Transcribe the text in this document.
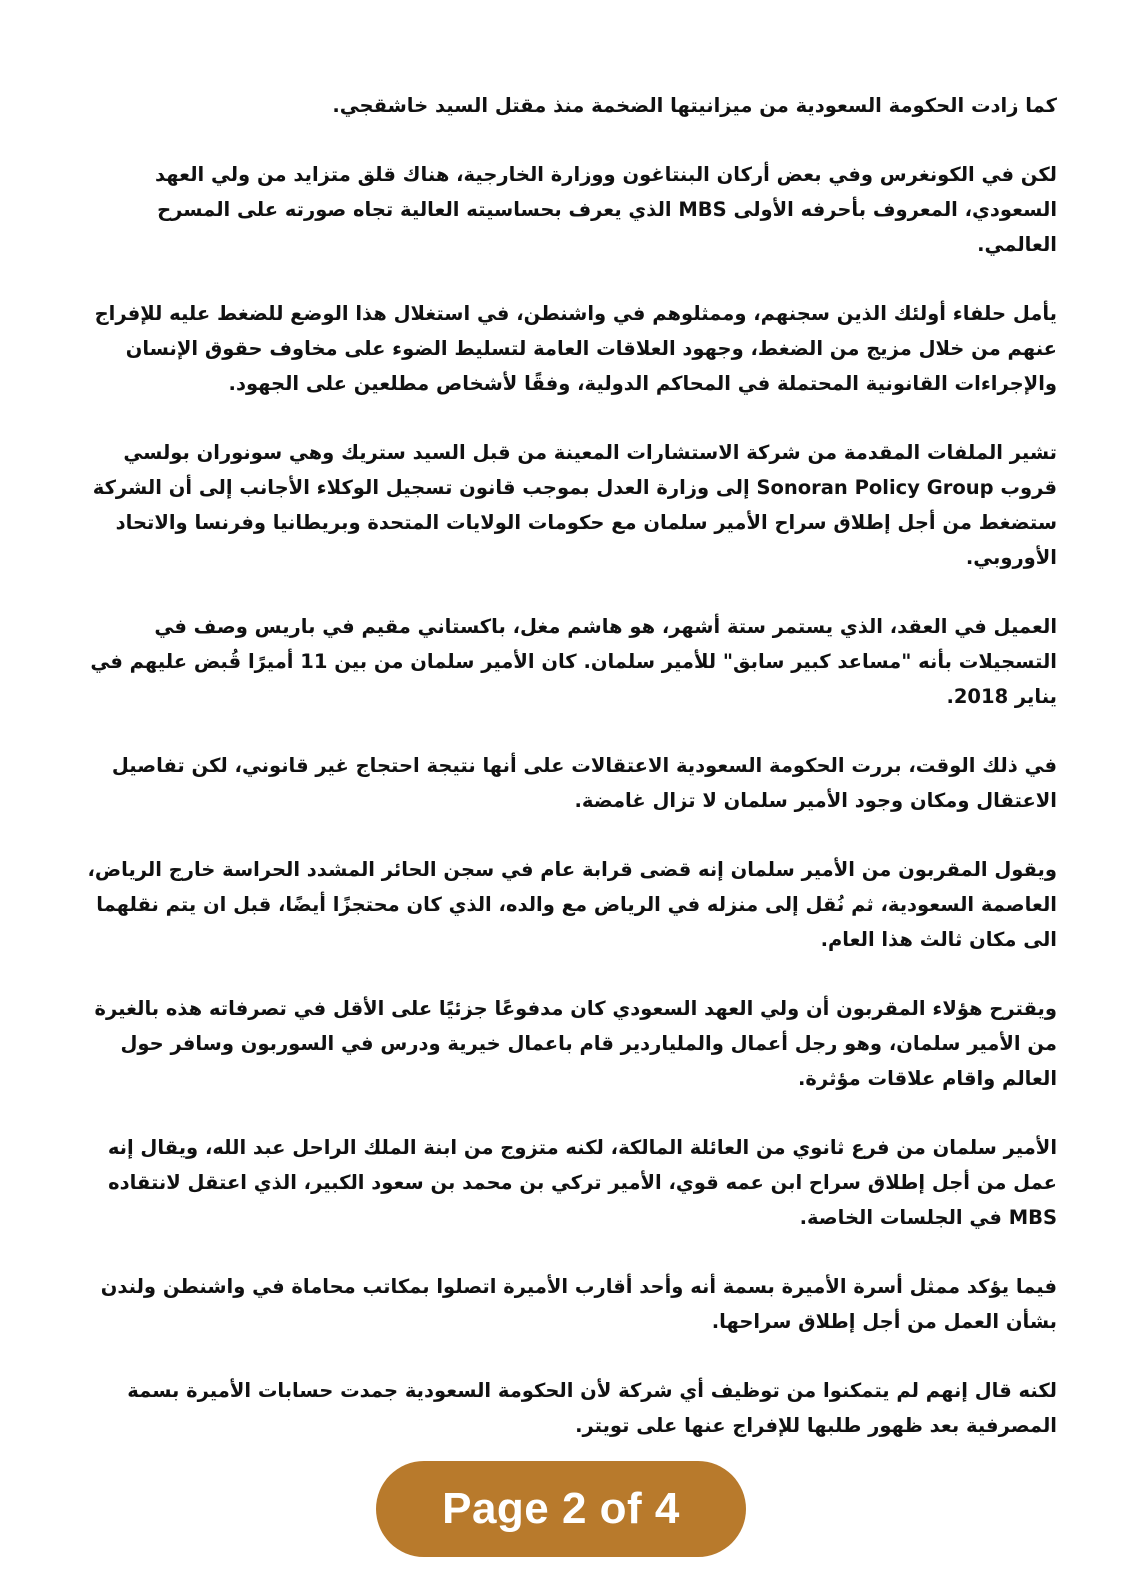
كما زادت الحكومة السعودية من ميزانيتها الضخمة منذ مقتل السيد خاشقجي.

لكن في الكونغرس وفي بعض أركان البنتاغون ووزارة الخارجية، هناك قلق متزايد من ولي العهد السعودي، المعروف بأحرفه الأولى MBS الذي يعرف بحساسيته العالية تجاه صورته على المسرح العالمي.

يأمل حلفاء أولئك الذين سجنهم، وممثلوهم في واشنطن، في استغلال هذا الوضع للضغط عليه للإفراج عنهم من خلال مزيج من الضغط، وجهود العلاقات العامة لتسليط الضوء على مخاوف حقوق الإنسان والإجراءات القانونية المحتملة في المحاكم الدولية، وفقًا لأشخاص مطلعين على الجهود.

تشير الملفات المقدمة من شركة الاستشارات المعينة من قبل السيد ستريك وهي سونوران بولسي قروب Sonoran Policy Group إلى وزارة العدل بموجب قانون تسجيل الوكلاء الأجانب إلى أن الشركة ستضغط من أجل إطلاق سراح الأمير سلمان مع حكومات الولايات المتحدة وبريطانيا وفرنسا والاتحاد الأوروبي.

العميل في العقد، الذي يستمر ستة أشهر، هو هاشم مغل، باكستاني مقيم في باريس وصف في التسجيلات بأنه "مساعد كبير سابق" للأمير سلمان. كان الأمير سلمان من بين 11 أميرًا قُبض عليهم في يناير 2018.

في ذلك الوقت، بررت الحكومة السعودية الاعتقالات على أنها نتيجة احتجاج غير قانوني، لكن تفاصيل الاعتقال ومكان وجود الأمير سلمان لا تزال غامضة.

ويقول المقربون من الأمير سلمان إنه قضى قرابة عام في سجن الحائر المشدد الحراسة خارج الرياض، العاصمة السعودية، ثم نُقل إلى منزله في الرياض مع والده، الذي كان محتجزًا أيضًا، قبل ان يتم نقلهما الى مكان ثالث هذا العام.

ويقترح هؤلاء المقربون أن ولي العهد السعودي كان مدفوعًا جزئيًا على الأقل في تصرفاته هذه بالغيرة من الأمير سلمان، وهو رجل أعمال والملياردير قام باعمال خيرية ودرس في السوربون وسافر حول العالم واقام علاقات مؤثرة.

الأمير سلمان من فرع ثانوي من العائلة المالكة، لكنه متزوج من ابنة الملك الراحل عبد الله، ويقال إنه عمل من أجل إطلاق سراح ابن عمه قوي، الأمير تركي بن محمد بن سعود الكبير، الذي اعتقل لانتقاده MBS في الجلسات الخاصة.

فيما يؤكد ممثل أسرة الأميرة بسمة أنه وأحد أقارب الأميرة اتصلوا بمكاتب محاماة في واشنطن ولندن بشأن العمل من أجل إطلاق سراحها.

لكنه قال إنهم لم يتمكنوا من توظيف أي شركة لأن الحكومة السعودية جمدت حسابات الأميرة بسمة المصرفية بعد ظهور طلبها للإفراج عنها على تويتر.

Page 2 of 4
